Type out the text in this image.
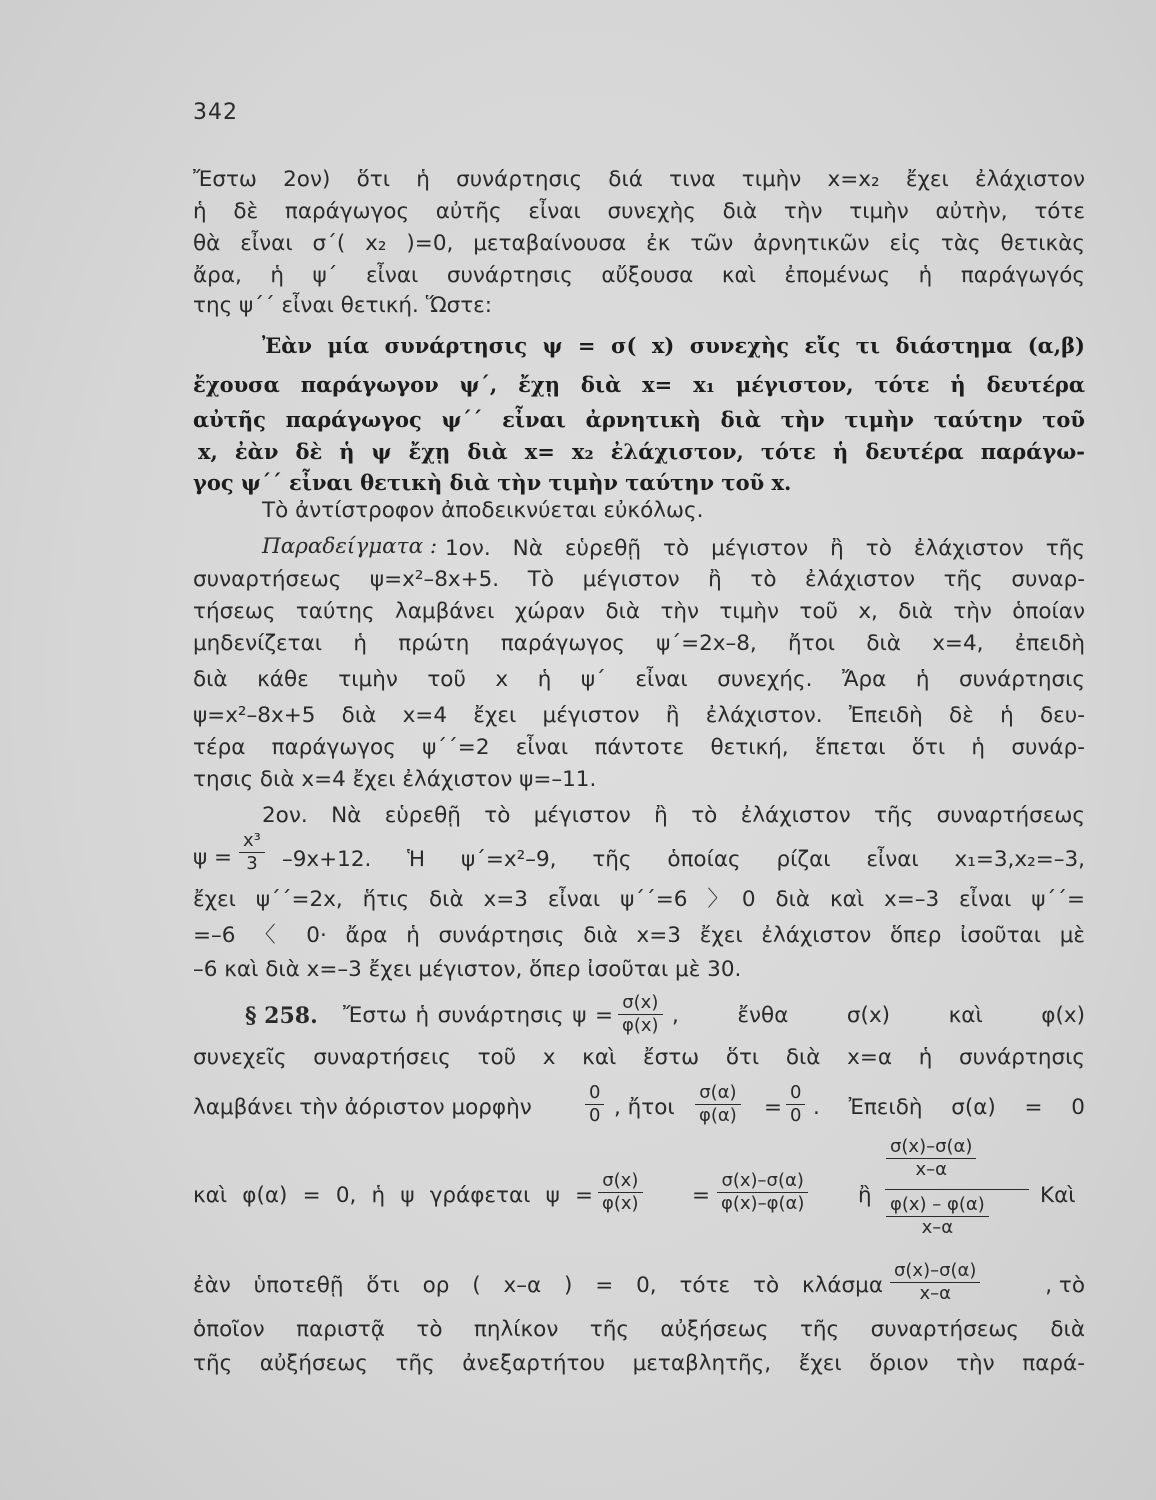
342
Ἔστω 2ον) ὅτι ἡ συνάρτησις διά τινα τιμὴν x=x₂ ἔχει ἐλάχιστον
ἡ δὲ παράγωγος αὐτῆς εἶναι συνεχὴς διὰ τὴν τιμὴν αὐτὴν, τότε
θὰ εἶναι σ΄( x₂ )=0, μεταβαίνουσα ἐκ τῶν ἀρνητικῶν εἰς τὰς θετικὰς
ἄρα, ἡ ψ΄ εἶναι συνάρτησις αὔξουσα καὶ ἐπομένως ἡ παράγωγός
της ψ΄΄ εἶναι θετική. Ὥστε:
Ἐὰν μία συνάρτησις ψ = σ( x) συνεχὴς εἴς τι διάστημα (α,β)
ἔχουσα παράγωγον ψ΄, ἔχῃ διὰ x= x₁ μέγιστον, τότε ἡ δευτέρα
αὐτῆς παράγωγος ψ΄΄ εἶναι ἀρνητικὴ διὰ τὴν τιμὴν ταύτην τοῦ
x, ἐὰν δὲ ἡ ψ ἔχῃ διὰ x= x₂ ἐλάχιστον, τότε ἡ δευτέρα παράγω-
γος ψ΄΄ εἶναι θετικὴ διὰ τὴν τιμὴν ταύτην τοῦ x.
Τὸ ἀντίστροφον ἀποδεικνύεται εὐκόλως.
Παραδείγματα : 1ον. Νὰ εὑρεθῇ τὸ μέγιστον ἢ τὸ ἐλάχιστον τῆς
συναρτήσεως ψ=x²–8x+5. Τὸ μέγιστον ἢ τὸ ἐλάχιστον τῆς συναρ-
τήσεως ταύτης λαμβάνει χώραν διὰ τὴν τιμὴν τοῦ x, διὰ τὴν ὁποίαν
μηδενίζεται ἡ πρώτη παράγωγος ψ΄=2x–8, ἤτοι διὰ x=4, ἐπειδὴ
διὰ κάθε τιμὴν τοῦ x ἡ ψ΄ εἶναι συνεχής. Ἄρα ἡ συνάρτησις
ψ=x²–8x+5 διὰ x=4 ἔχει μέγιστον ἢ ἐλάχιστον. Ἐπειδὴ δὲ ἡ δευ-
τέρα παράγωγος ψ΄΄=2 εἶναι πάντοτε θετική, ἕπεται ὅτι ἡ συνάρ-
τησις διὰ x=4 ἔχει ἐλάχιστον ψ=–11.
2ον. Νὰ εὑρεθῇ τὸ μέγιστον ἢ τὸ ἐλάχιστον τῆς συναρτήσεως
$\psi = \frac{\text{x³}}{3} -9x+12$. Ἡ ψ΄=x²–9, τῆς ὁποίας ρίζαι εἶναι x₁=3,x₂=–3,
ἔχει ψ΄΄=2x, ἥτις διὰ x=3 εἶναι ψ΄΄=6 〉0 διὰ καὶ x=–3 εἶναι ψ΄΄=
=–6 〈 0· ἄρα ἡ συνάρτησις διὰ x=3 ἔχει ἐλάχιστον ὅπερ ἰσοῦται μὲ
–6 καὶ διὰ x=–3 ἔχει μέγιστον, ὅπερ ἰσοῦται μὲ 30.
§ 258. Ἔστω ἡ συνάρτησις $\psi = \frac{\sigma(x)}{\varphi(x)}$ , ἔνθα σ(x) καὶ φ(x)
συνεχεῖς συναρτήσεις τοῦ x καὶ ἔστω ὅτι διὰ x=α ἡ συνάρτησις
λαμβάνει τὴν ἀόριστον μορφὴν	$\frac{0}{0}$ , ἤτοι $\frac{\sigma(\alpha)}{\varphi(\alpha)} = \frac{0}{0}$ . Ἐπειδὴ σ(α) = 0
καὶ φ(α) = 0, ἡ ψ γράφεται $\psi = \frac{\sigma(x)}{\varphi(x)} = \frac{\sigma(x)-\sigma(\alpha)}{\varphi(x)-\varphi(\alpha)}$ ἢ
$\frac{\sigma(x)-\sigma(\alpha)}{x-\alpha}$
$\frac{\varphi(x) - \varphi(\alpha)}{x-\alpha}$ Καὶ
ἐὰν ὑποτεθῇ ὅτι ορ ( x–α ) = 0, τότε τὸ κλάσμα $\frac{\sigma(x)-\sigma(\alpha)}{x-\alpha}$	, τὸ
ὁποῖον παριστᾷ τὸ πηλίκον τῆς αὐξήσεως τῆς συναρτήσεως διὰ
τῆς αὐξήσεως τῆς ἀνεξαρτήτου μεταβλητῆς, ἔχει ὅριον τὴν παρά-
